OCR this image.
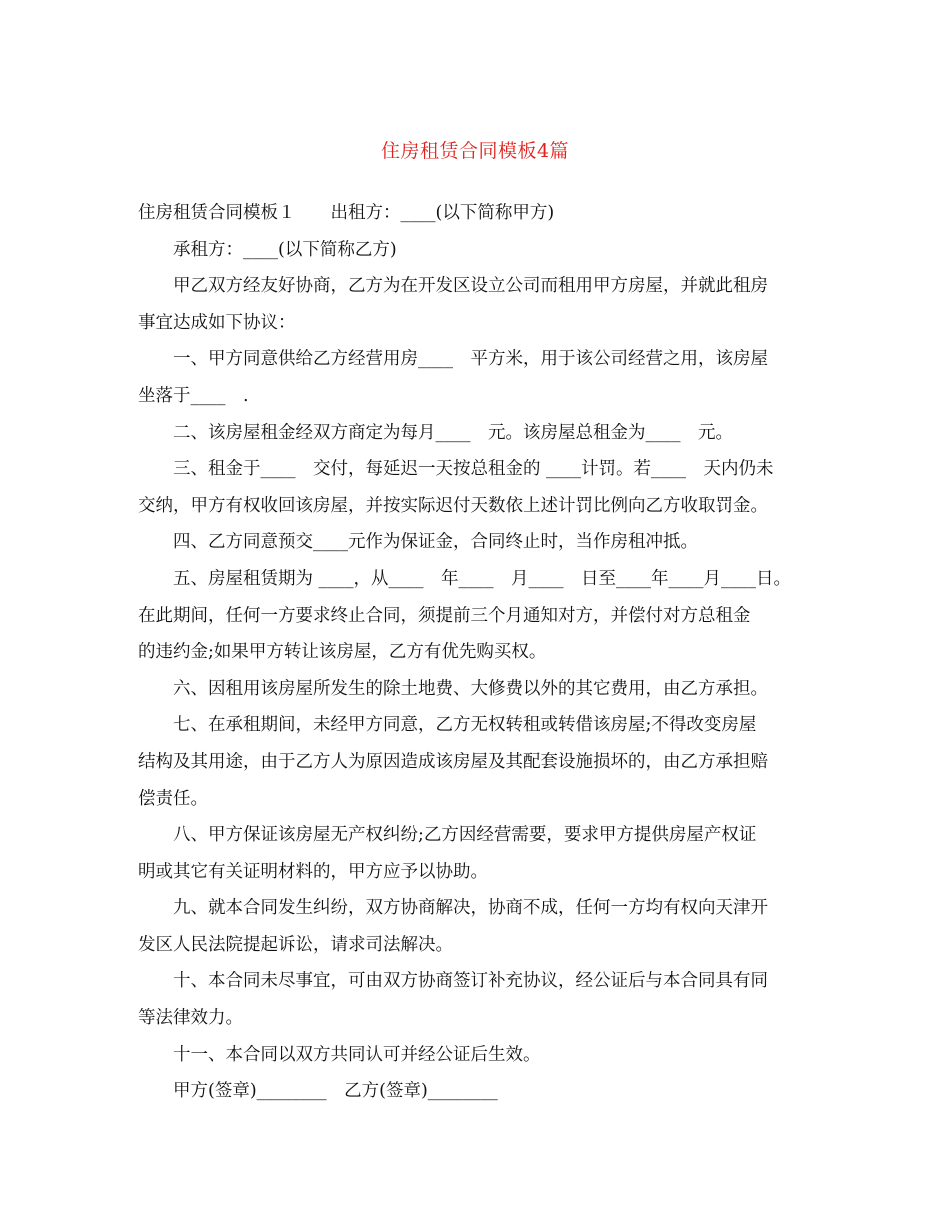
住房租赁合同模板4篇

住房租赁合同模板１　　出租方：____(以下简称甲方)

承租方：____(以下简称乙方)

甲乙双方经友好协商，乙方为在开发区设立公司而租用甲方房屋，并就此租房

事宜达成如下协议：

一、甲方同意供给乙方经营用房____　平方米，用于该公司经营之用，该房屋

坐落于____　.

二、该房屋租金经双方商定为每月____　元。该房屋总租金为____　元。

三、租金于____　交付，每延迟一天按总租金的 ____计罚。若____　天内仍未

交纳，甲方有权收回该房屋，并按实际迟付天数依上述计罚比例向乙方收取罚金。

四、乙方同意预交____元作为保证金，合同终止时，当作房租冲抵。

五、房屋租赁期为 ____，从____　年____　月____　日至____年____月____日。

在此期间，任何一方要求终止合同，须提前三个月通知对方，并偿付对方总租金

的违约金;如果甲方转让该房屋，乙方有优先购买权。

六、因租用该房屋所发生的除土地费、大修费以外的其它费用，由乙方承担。

七、在承租期间，未经甲方同意，乙方无权转租或转借该房屋;不得改变房屋

结构及其用途，由于乙方人为原因造成该房屋及其配套设施损坏的，由乙方承担赔

偿责任。

八、甲方保证该房屋无产权纠纷;乙方因经营需要，要求甲方提供房屋产权证

明或其它有关证明材料的，甲方应予以协助。

九、就本合同发生纠纷，双方协商解决，协商不成，任何一方均有权向天津开

发区人民法院提起诉讼，请求司法解决。

十、本合同未尽事宜，可由双方协商签订补充协议，经公证后与本合同具有同

等法律效力。

十一、本合同以双方共同认可并经公证后生效。

甲方(签章)________　乙方(签章)________
